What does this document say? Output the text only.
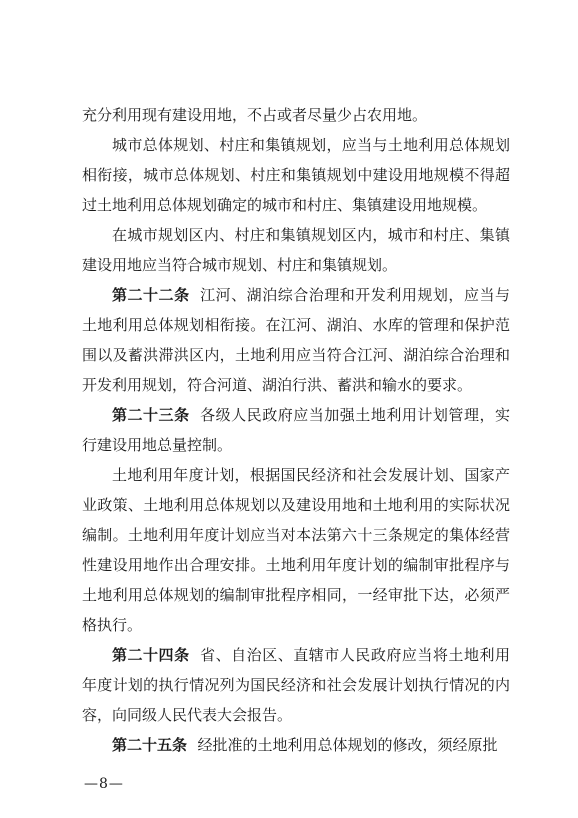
充分利用现有建设用地，不占或者尽量少占农用地。

城市总体规划、村庄和集镇规划，应当与土地利用总体规划相衔接，城市总体规划、村庄和集镇规划中建设用地规模不得超过土地利用总体规划确定的城市和村庄、集镇建设用地规模。

在城市规划区内、村庄和集镇规划区内，城市和村庄、集镇建设用地应当符合城市规划、村庄和集镇规划。

第二十二条 江河、湖泊综合治理和开发利用规划，应当与土地利用总体规划相衔接。在江河、湖泊、水库的管理和保护范围以及蓄洪滞洪区内，土地利用应当符合江河、湖泊综合治理和开发利用规划，符合河道、湖泊行洪、蓄洪和输水的要求。

第二十三条 各级人民政府应当加强土地利用计划管理，实行建设用地总量控制。

土地利用年度计划，根据国民经济和社会发展计划、国家产业政策、土地利用总体规划以及建设用地和土地利用的实际状况编制。土地利用年度计划应当对本法第六十三条规定的集体经营性建设用地作出合理安排。土地利用年度计划的编制审批程序与土地利用总体规划的编制审批程序相同，一经审批下达，必须严格执行。

第二十四条 省、自治区、直辖市人民政府应当将土地利用年度计划的执行情况列为国民经济和社会发展计划执行情况的内容，向同级人民代表大会报告。

第二十五条 经批准的土地利用总体规划的修改，须经原批

—8—
